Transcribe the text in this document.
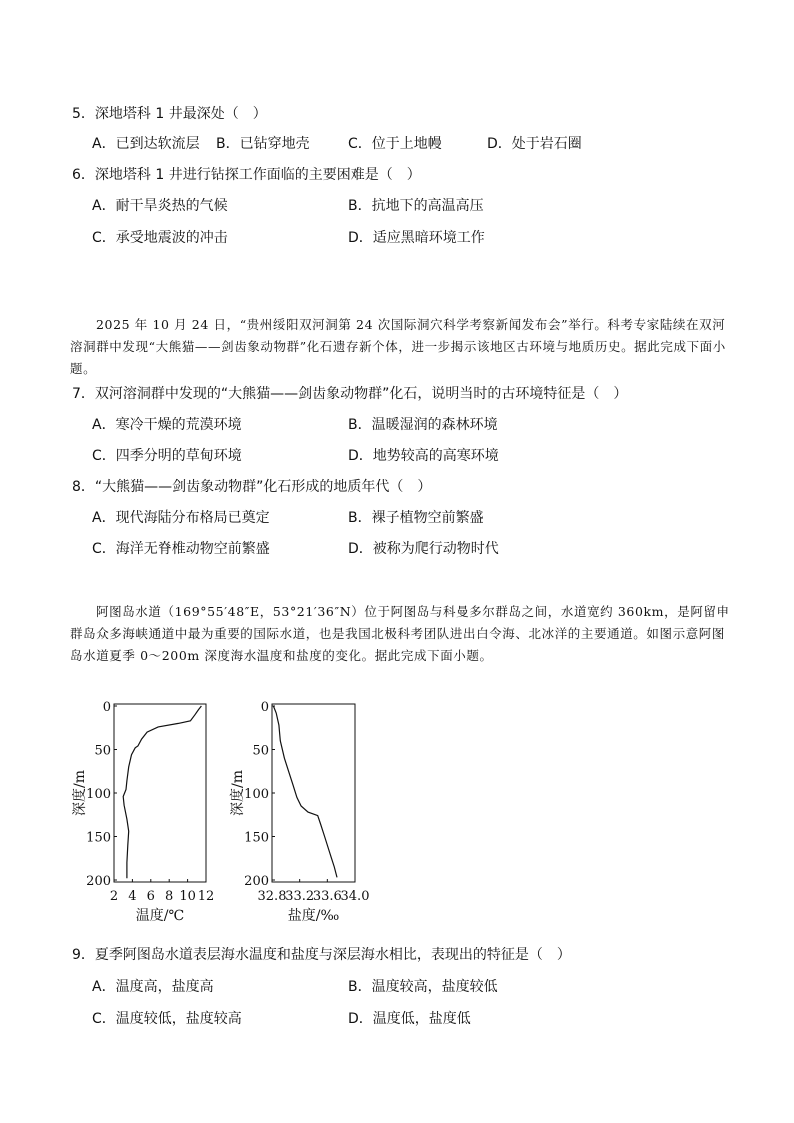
5．深地塔科 1 井最深处（　）
A．已到达软流层 B．已钻穿地壳	C．位于上地幔	D．处于岩石圈
6．深地塔科 1 井进行钻探工作面临的主要困难是（　）
A．耐干旱炎热的气候	B．抗地下的高温高压
C．承受地震波的冲击	D．适应黑暗环境工作
2025 年 10 月 24 日，“贵州绥阳双河洞第 24 次国际洞穴科学考察新闻发布会”举行。科考专家陆续在双河溶洞群中发现“大熊猫——剑齿象动物群”化石遗存新个体，进一步揭示该地区古环境与地质历史。据此完成下面小题。
7．双河溶洞群中发现的“大熊猫——剑齿象动物群”化石，说明当时的古环境特征是（　）
A．寒冷干燥的荒漠环境	B．温暖湿润的森林环境
C．四季分明的草甸环境	D．地势较高的高寒环境
8．“大熊猫——剑齿象动物群”化石形成的地质年代（　）
A．现代海陆分布格局已奠定	B．裸子植物空前繁盛
C．海洋无脊椎动物空前繁盛	D．被称为爬行动物时代
阿图岛水道（169°55′48″E，53°21′36″N）位于阿图岛与科曼多尔群岛之间，水道宽约 360km，是阿留申群岛众多海峡通道中最为重要的国际水道，也是我国北极科考团队进出白令海、北冰洋的主要通道。如图示意阿图岛水道夏季 0～200m 深度海水温度和盐度的变化。据此完成下面小题。
0
50
100
150
200
2 4 6 8 10 12
温度/℃
深度/m
0
50
100
150
200
32.8
33.2
33.6
34.0
盐度/‰
深度/m
9．夏季阿图岛水道表层海水温度和盐度与深层海水相比，表现出的特征是（　）
A．温度高，盐度高	B．温度较高，盐度较低
C．温度较低，盐度较高	D．温度低，盐度低
